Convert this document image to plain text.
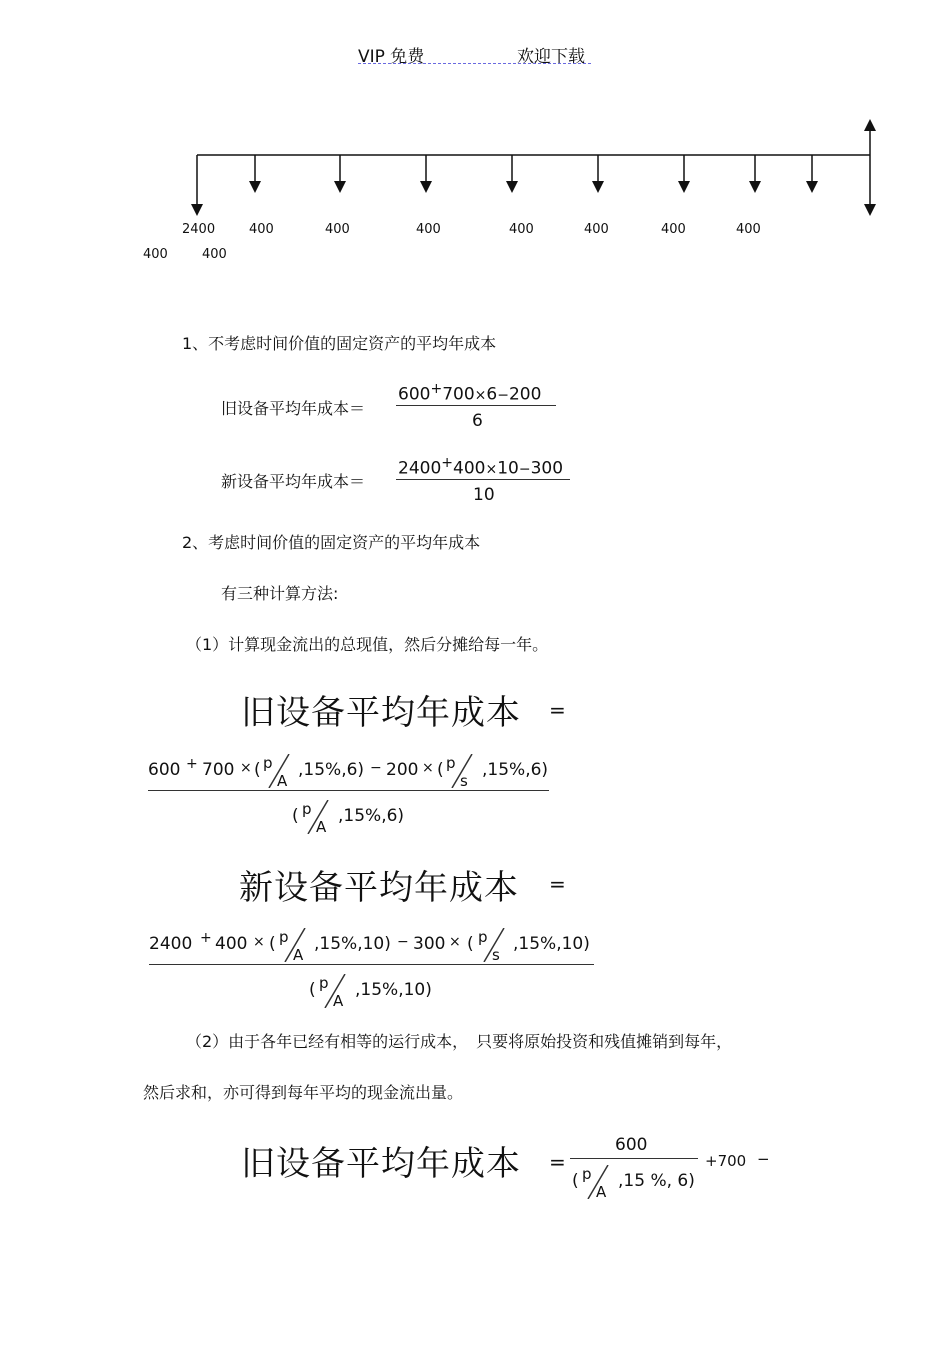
VIP 免费	欢迎下载
2400	400	400	400	400	400	400	400
400	400
1、不考虑时间价值的固定资产的平均年成本
旧设备平均年成本＝
600+700×6−200
6
新设备平均年成本＝
2400+400×10−300
10
2、考虑时间价值的固定资产的平均年成本
有三种计算方法:
（1）计算现金流出的总现值，然后分摊给每一年。
旧设备平均年成本 =
600 + 700 × ( p
A
,15%,6) − 200 × ( p
s
,15%,6)
( p
A
,15%,6)
新设备平均年成本 =
2400 + 400 × ( p
A
,15%,10) − 300 × ( p
s
,15%,10)
( p
A
,15%,10)
（2）由于各年已经有相等的运行成本，　只要将原始投资和残值摊销到每年，
然后求和，亦可得到每年平均的现金流出量。
旧设备平均年成本 =
600
( p
A
,15 %, 6)
+700 −
